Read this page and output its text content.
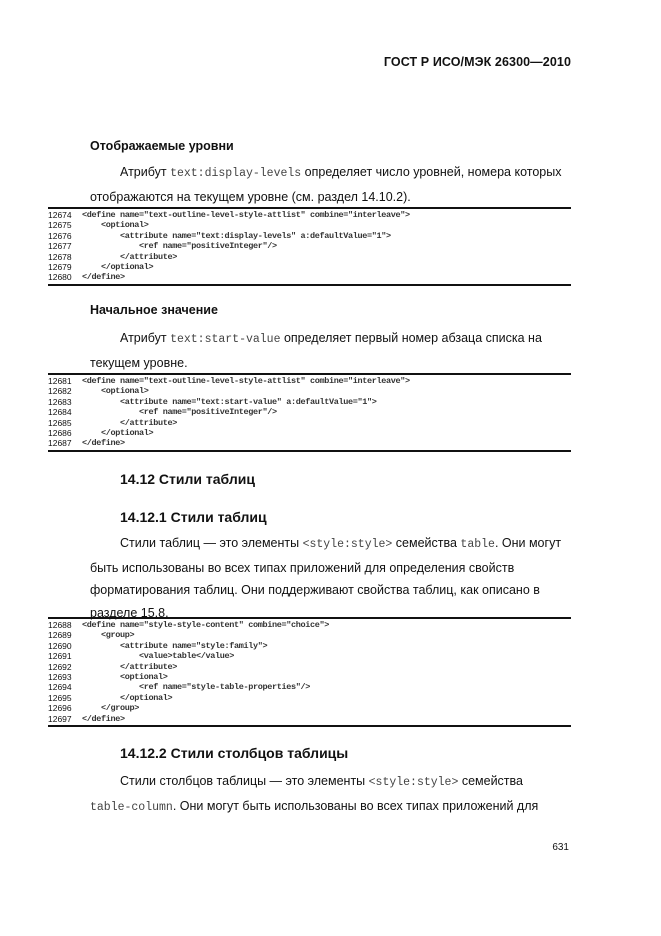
ГОСТ Р ИСО/МЭК 26300—2010
Отображаемые уровни
Атрибут text:display-levels определяет число уровней, номера которых
отображаются на текущем уровне (см. раздел 14.10.2).
12674	<define name="text-outline-level-style-attlist" combine="interleave">
12675	<optional>
12676	<attribute name="text:display-levels" a:defaultValue="1">
12677	<ref name="positiveInteger"/>
12678	</attribute>
12679	</optional>
12680	</define>
Начальное значение
Атрибут text:start-value определяет первый номер абзаца списка на
текущем уровне.
12681	<define name="text-outline-level-style-attlist" combine="interleave">
12682	<optional>
12683	<attribute name="text:start-value" a:defaultValue="1">
12684	<ref name="positiveInteger"/>
12685	</attribute>
12686	</optional>
12687	</define>
14.12 Стили таблиц
14.12.1 Стили таблиц
Стили таблиц — это элементы <style:style> семейства table. Они могут
быть использованы во всех типах приложений для определения свойств
форматирования таблиц. Они поддерживают свойства таблиц, как описано в
разделе 15.8.
12688	<define name="style-style-content" combine="choice">
12689	<group>
12690	<attribute name="style:family">
12691	<value>table</value>
12692	</attribute>
12693	<optional>
12694	<ref name="style-table-properties"/>
12695	</optional>
12696	</group>
12697	</define>
14.12.2 Стили столбцов таблицы
Стили столбцов таблицы — это элементы <style:style> семейства
table-column. Они могут быть использованы во всех типах приложений для
631
